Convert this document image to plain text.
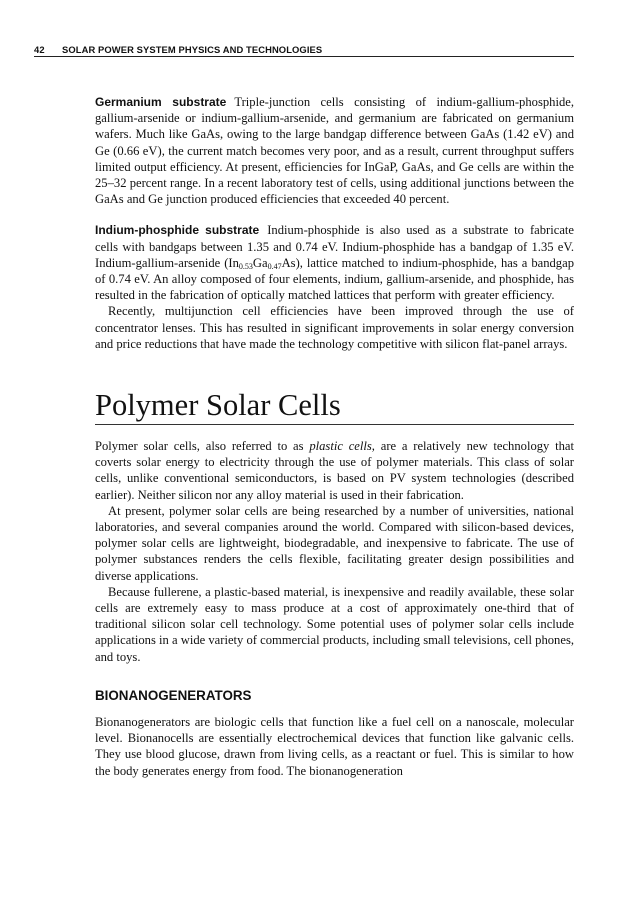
42 SOLAR POWER SYSTEM PHYSICS AND TECHNOLOGIES

Germanium substrate Triple-junction cells consisting of indium-gallium-phosphide, gallium-arsenide or indium-gallium-arsenide, and germanium are fabricated on germanium wafers. Much like GaAs, owing to the large bandgap difference between GaAs (1.42 eV) and Ge (0.66 eV), the current match becomes very poor, and as a result, current throughput suffers limited output efficiency. At present, efficiencies for InGaP, GaAs, and Ge cells are within the 25–32 percent range. In a recent laboratory test of cells, using additional junctions between the GaAs and Ge junction produced efficiencies that exceeded 40 percent.

Indium-phosphide substrate Indium-phosphide is also used as a substrate to fabricate cells with bandgaps between 1.35 and 0.74 eV. Indium-phosphide has a bandgap of 1.35 eV. Indium-gallium-arsenide $(In_{0.53}Ga_{0.47}As)$, lattice matched to indium-phosphide, has a bandgap of 0.74 eV. An alloy composed of four elements, indium, gallium-arsenide, and phosphide, has resulted in the fabrication of optically matched lattices that perform with greater efficiency.

Recently, multijunction cell efficiencies have been improved through the use of concentrator lenses. This has resulted in significant improvements in solar energy conversion and price reductions that have made the technology competitive with silicon flat-panel arrays.

Polymer Solar Cells

Polymer solar cells, also referred to as plastic cells, are a relatively new technology that coverts solar energy to electricity through the use of polymer materials. This class of solar cells, unlike conventional semiconductors, is based on PV system technologies (described earlier). Neither silicon nor any alloy material is used in their fabrication.

At present, polymer solar cells are being researched by a number of universities, national laboratories, and several companies around the world. Compared with silicon-based devices, polymer solar cells are lightweight, biodegradable, and inexpensive to fabricate. The use of polymer substances renders the cells flexible, facilitating greater design possibilities and diverse applications.

Because fullerene, a plastic-based material, is inexpensive and readily available, these solar cells are extremely easy to mass produce at a cost of approximately one-third that of traditional silicon solar cell technology. Some potential uses of polymer solar cells include applications in a wide variety of commercial products, including small televisions, cell phones, and toys.

BIONANOGENERATORS

Bionanogenerators are biologic cells that function like a fuel cell on a nanoscale, molecular level. Bionanocells are essentially electrochemical devices that function like galvanic cells. They use blood glucose, drawn from living cells, as a reactant or fuel. This is similar to how the body generates energy from food. The bionanogeneration
